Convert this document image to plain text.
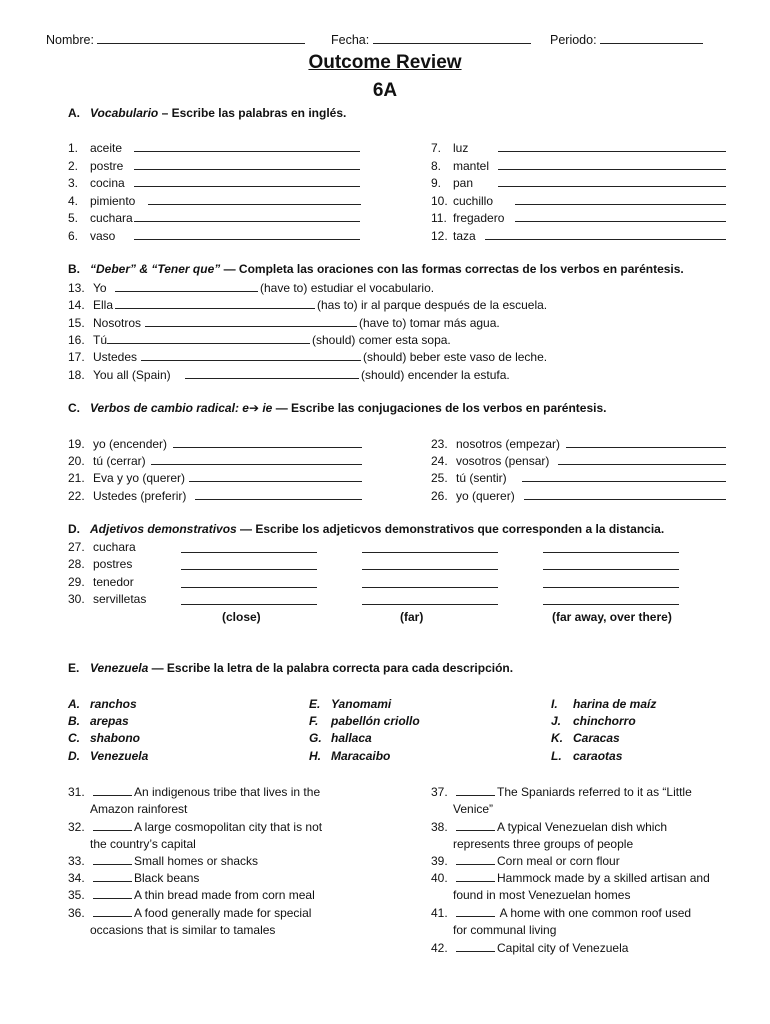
Nombre:	Fecha:	Periodo:
Outcome Review
6A
A. Vocabulario – Escribe las palabras en inglés.
1. aceite
2. postre
3. cocina
4. pimiento
5. cuchara
6. vaso
7. luz
8. mantel
9. pan
10. cuchillo
11. fregadero
12. taza
B. “Deber” & “Tener que” — Completa las oraciones con las formas correctas de los verbos en paréntesis.
13. Yo	(have to) estudiar el vocabulario.
14. Ella	(has to) ir al parque después de la escuela.
15. Nosotros	(have to) tomar más agua.
16. Tú	(should) comer esta sopa.
17. Ustedes	(should) beber este vaso de leche.
18. You all (Spain)	(should) encender la estufa.
C. Verbos de cambio radical: e➔ ie — Escribe las conjugaciones de los verbos en paréntesis.
19. yo (encender)
20. tú (cerrar)
21. Eva y yo (querer)
22. Ustedes (preferir)
23. nosotros (empezar)
24. vosotros (pensar)
25. tú (sentir)
26. yo (querer)
D. Adjetivos demonstrativos — Escribe los adjeticvos demonstrativos que corresponden a la distancia.
27. cuchara
28. postres
29. tenedor
30. servilletas
(close)	(far)	(far away, over there)
E. Venezuela — Escribe la letra de la palabra correcta para cada descripción.
A. ranchos
B. arepas
C. shabono
D. Venezuela
E. Yanomami
F. pabellón criollo
G. hallaca
H. Maracaibo
I. harina de maíz
J. chinchorro
K. Caracas
L. caraotas
31.	An indigenous tribe that lives in the
Amazon rainforest
32.	A large cosmopolitan city that is not
the country’s capital
33.	Small homes or shacks
34.	Black beans
35.	A thin bread made from corn meal
36.	A food generally made for special
occasions that is similar to tamales
37.	The Spaniards referred to it as “Little
Venice”
38.	A typical Venezuelan dish which
represents three groups of people
39.	Corn meal or corn flour
40.	Hammock made by a skilled artisan and
found in most Venezuelan homes
41.	A home with one common roof used
for communal living
42.	Capital city of Venezuela
